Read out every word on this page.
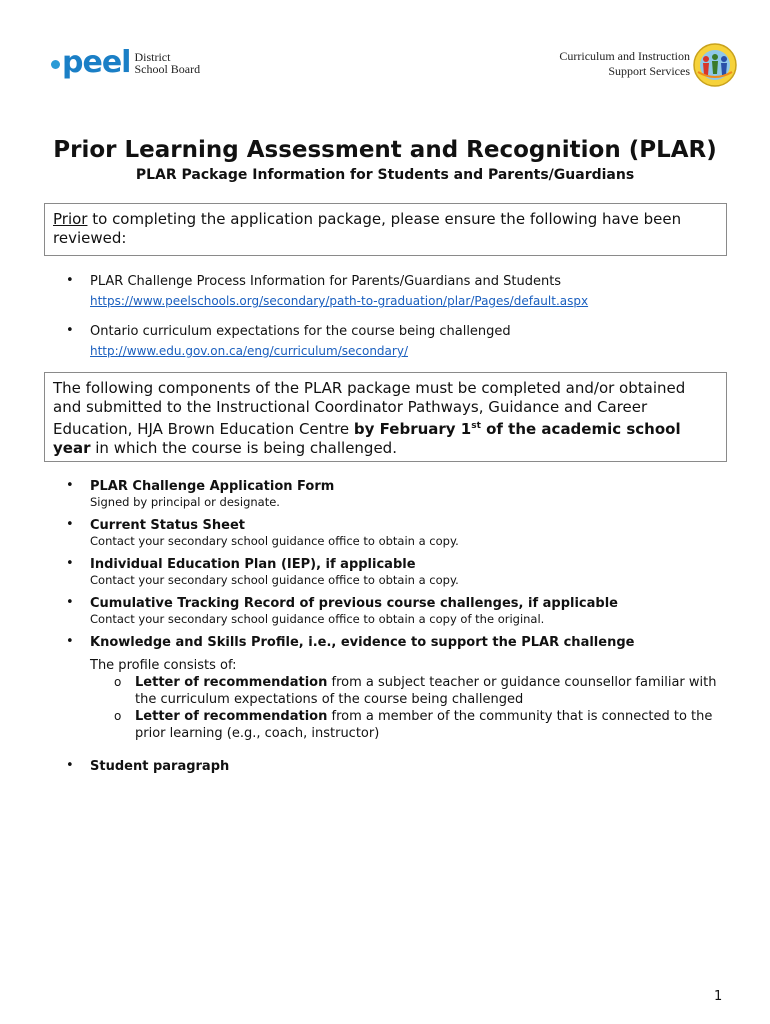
peel District
School Board
Curriculum and Instruction
Support Services
Prior Learning Assessment and Recognition (PLAR)
PLAR Package Information for Students and Parents/Guardians
Prior to completing the application package, please ensure the following have been reviewed:
• PLAR Challenge Process Information for Parents/Guardians and Students
https://www.peelschools.org/secondary/path-to-graduation/plar/Pages/default.aspx
• Ontario curriculum expectations for the course being challenged
http://www.edu.gov.on.ca/eng/curriculum/secondary/
The following components of the PLAR package must be completed and/or obtained and submitted to the Instructional Coordinator Pathways, Guidance and Career Education, HJA Brown Education Centre by February 1st of the academic school year in which the course is being challenged.
• PLAR Challenge Application Form
Signed by principal or designate.
• Current Status Sheet
Contact your secondary school guidance office to obtain a copy.
• Individual Education Plan (IEP), if applicable
Contact your secondary school guidance office to obtain a copy.
• Cumulative Tracking Record of previous course challenges, if applicable
Contact your secondary school guidance office to obtain a copy of the original.
• Knowledge and Skills Profile, i.e., evidence to support the PLAR challenge
The profile consists of:
o Letter of recommendation from a subject teacher or guidance counsellor familiar with the curriculum expectations of the course being challenged
o Letter of recommendation from a member of the community that is connected to the prior learning (e.g., coach, instructor)
• Student paragraph
1
